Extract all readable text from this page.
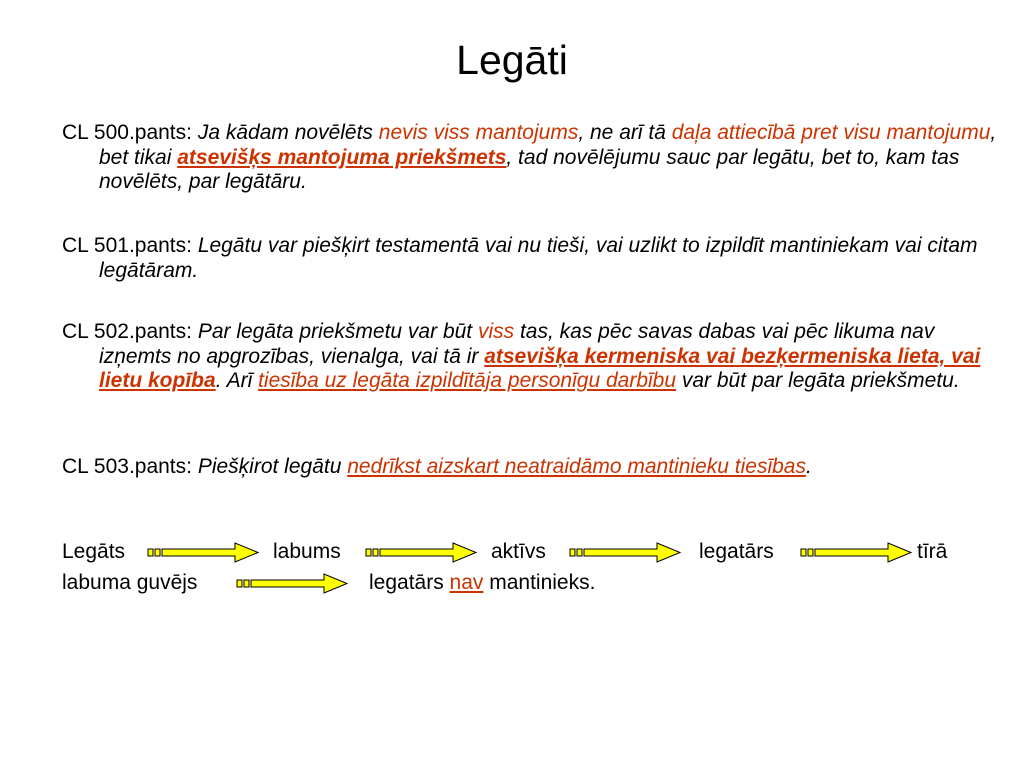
Legāti
CL 500.pants: Ja kādam novēlēts nevis viss mantojums, ne arī tā daļa attiecībā pret visu mantojumu, bet tikai atsevišķs mantojuma priekšmets, tad novēlējumu sauc par legātu, bet to, kam tas novēlēts, par legātāru.
CL 501.pants: Legātu var piešķirt testamentā vai nu tieši, vai uzlikt to izpildīt mantiniekam vai citam legātāram.
CL 502.pants: Par legāta priekšmetu var būt viss tas, kas pēc savas dabas vai pēc likuma nav izņemts no apgrozības, vienalga, vai tā ir atsevišķa kermeniska vai bezķermeniska lieta, vai lietu kopība. Arī tiesība uz legāta izpildītāja personīgu darbību var būt par legāta priekšmetu.
CL 503.pants: Piešķirot legātu nedrīkst aizskart neatraidāmo mantinieku tiesības.
Legāts	labums	aktīvs	legatārs	tīrā
labuma guvējs	legatārs nav mantinieks.
